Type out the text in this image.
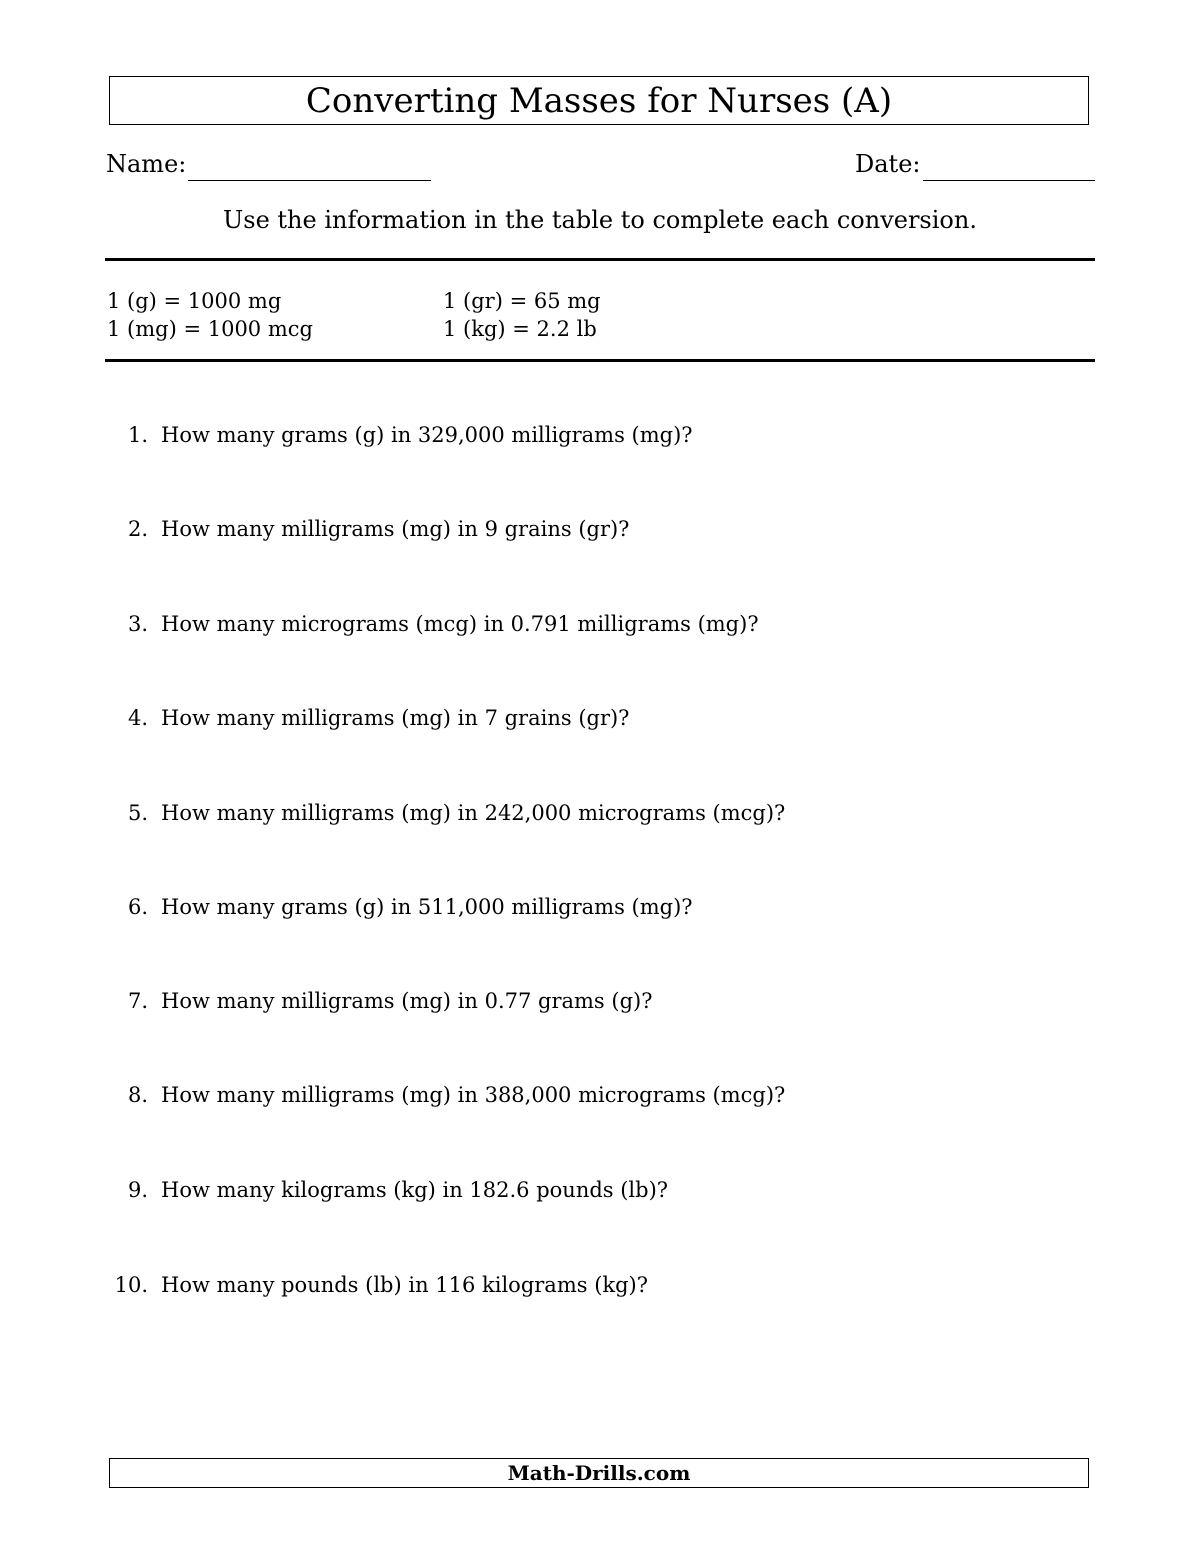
Converting Masses for Nurses (A)
Name:	Date:
Use the information in the table to complete each conversion.
1 (g) = 1000 mg
1 (mg) = 1000 mcg
1 (gr) = 65 mg
1 (kg) = 2.2 lb
1. How many grams (g) in 329,000 milligrams (mg)?
2. How many milligrams (mg) in 9 grains (gr)?
3. How many micrograms (mcg) in 0.791 milligrams (mg)?
4. How many milligrams (mg) in 7 grains (gr)?
5. How many milligrams (mg) in 242,000 micrograms (mcg)?
6. How many grams (g) in 511,000 milligrams (mg)?
7. How many milligrams (mg) in 0.77 grams (g)?
8. How many milligrams (mg) in 388,000 micrograms (mcg)?
9. How many kilograms (kg) in 182.6 pounds (lb)?
10. How many pounds (lb) in 116 kilograms (kg)?
Math-Drills.com
